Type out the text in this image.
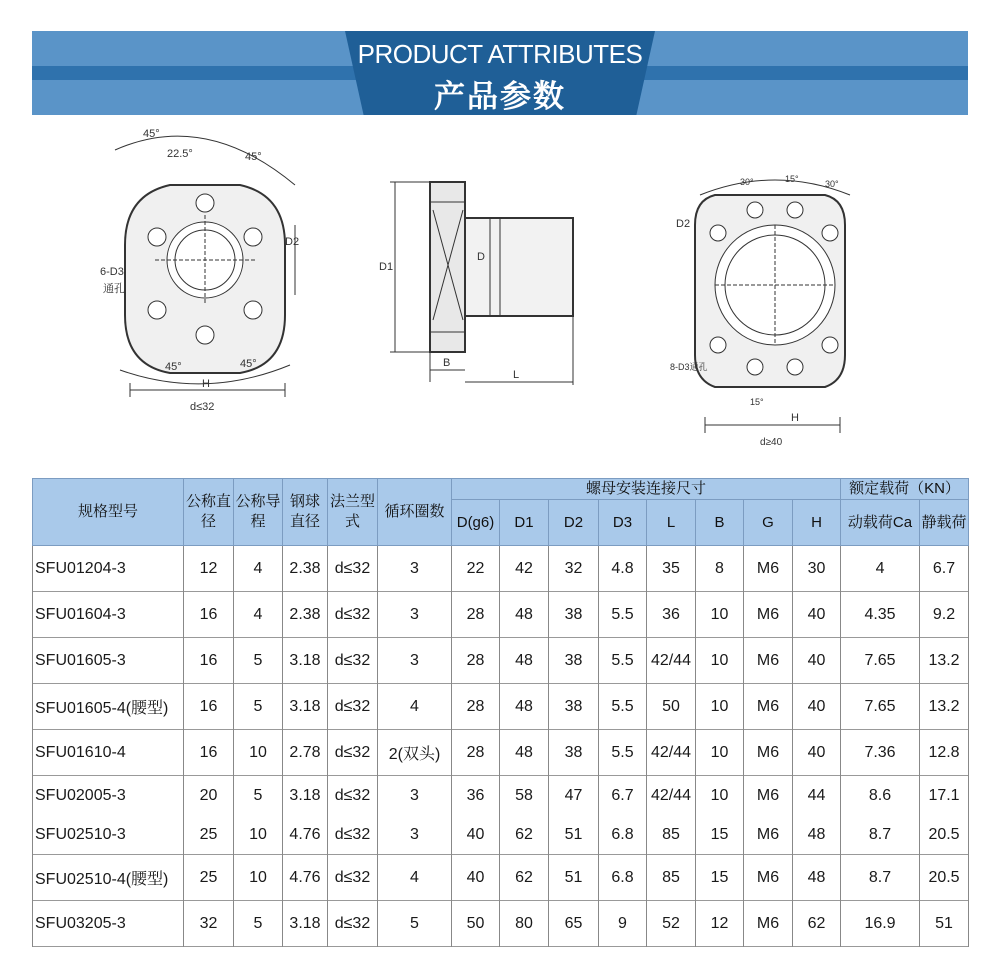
PRODUCT ATTRIBUTES
产品参数
45°
22.5°	45°
D2
6-D3
通孔
45°	45°
H
d≤32
D1
D
B
L
30°	15°	30°
D2
8-D3通孔
15°
H
d≥40
规格型号	公称直径	公称导程	钢球直径	法兰型式	循环圈数	螺母安装连接尺寸								额定载荷（KN）	
						D(g6)	D1	D2	D3	L	B	G	H	动载荷Ca	静载荷
SFU01204-3	12	4	2.38	d≤32	3	22	42	32	4.8	35	8	M6	30	4	6.7
SFU01604-3	16	4	2.38	d≤32	3	28	48	38	5.5	36	10	M6	40	4.35	9.2
SFU01605-3	16	5	3.18	d≤32	3	28	48	38	5.5	42/44	10	M6	40	7.65	13.2
SFU01605-4(腰型)	16	5	3.18	d≤32	4	28	48	38	5.5	50	10	M6	40	7.65	13.2
SFU01610-4	16	10	2.78	d≤32	2(双头)	28	48	38	5.5	42/44	10	M6	40	7.36	12.8
SFU02005-3	20	5	3.18	d≤32	3	36	58	47	6.7	42/44	10	M6	44	8.6	17.1
SFU02510-3	25	10	4.76	d≤32	3	40	62	51	6.8	85	15	M6	48	8.7	20.5
SFU02510-4(腰型)	25	10	4.76	d≤32	4	40	62	51	6.8	85	15	M6	48	8.7	20.5
SFU03205-3	32	5	3.18	d≤32	5	50	80	65	9	52	12	M6	62	16.9	51
